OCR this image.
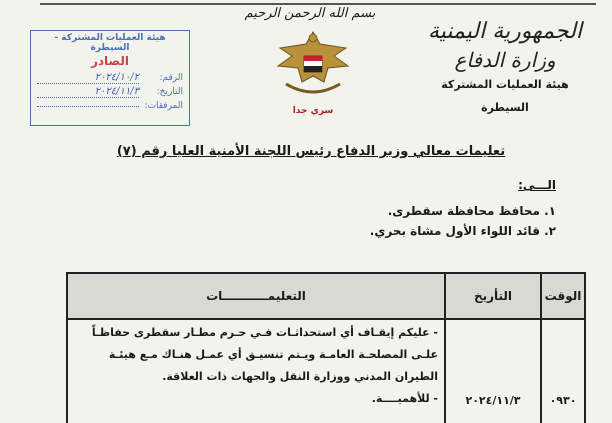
بسم الله الرحمن الرحيم
سري جدا
الجمهورية اليمنية
وزارة الدفاع
هيئة العمليات المشتركة
السيطرة
هيئة العمليات المشتركة - السيطرة
الصادر
الرقم:
٢٠٢٤/١٠/٢
التاريخ:
٢٠٢٤/١١/٣
المرفقات:
تعليمات معالي وزير الدفاع رئيس اللجنة الأمنية العليا رقم (٧)
الـــى:
١. محافظ محافظة سقطرى.
٢. قائد اللواء الأول مشاة بحري.
الوقت
التأريخ
التعليمـــــــــــات
٠٩٣٠
٢٠٢٤/١١/٣
- عليكم إيقـاف أي استحداثـات فـي حـرم مطـار سقطرى حفاظـاً
علـى المصلحـة العامـة ويـتم تنسيـق أي عمـل هنـاك مـع هيئـة
الطيران المدني ووزارة النقل والجهات ذات العلاقة.
- للأهميــــة.
